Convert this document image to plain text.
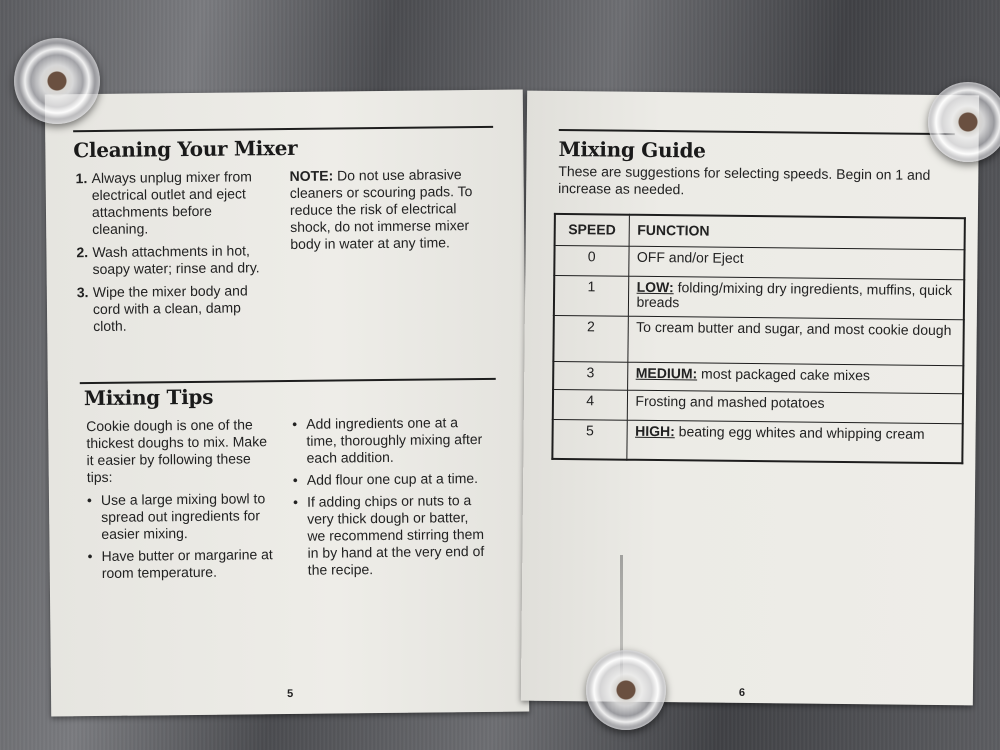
Cleaning Your Mixer
1. Always unplug mixer from electrical outlet and eject attachments before cleaning.
2. Wash attachments in hot, soapy water; rinse and dry.
3. Wipe the mixer body and cord with a clean, damp cloth.
NOTE: Do not use abrasive cleaners or scouring pads. To reduce the risk of electrical shock, do not immerse mixer body in water at any time.
Mixing Tips

Cookie dough is one of the thickest doughs to mix. Make it easier by following these tips:

• Use a large mixing bowl to spread out ingredients for easier mixing.
• Have butter or margarine at room temperature.
• Add ingredients one at a time, thoroughly mixing after each addition.
• Add flour one cup at a time.
• If adding chips or nuts to a very thick dough or batter, we recommend stirring them in by hand at the very end of the recipe.
5
Mixing Guide

These are suggestions for selecting speeds. Begin on 1 and increase as needed.

SPEED	FUNCTION
0	OFF and/or Eject
1	LOW: folding/mixing dry ingredients, muffins, quick breads
2	To cream butter and sugar, and most cookie dough
3	MEDIUM: most packaged cake mixes
4	Frosting and mashed potatoes
5	HIGH: beating egg whites and whipping cream
6
